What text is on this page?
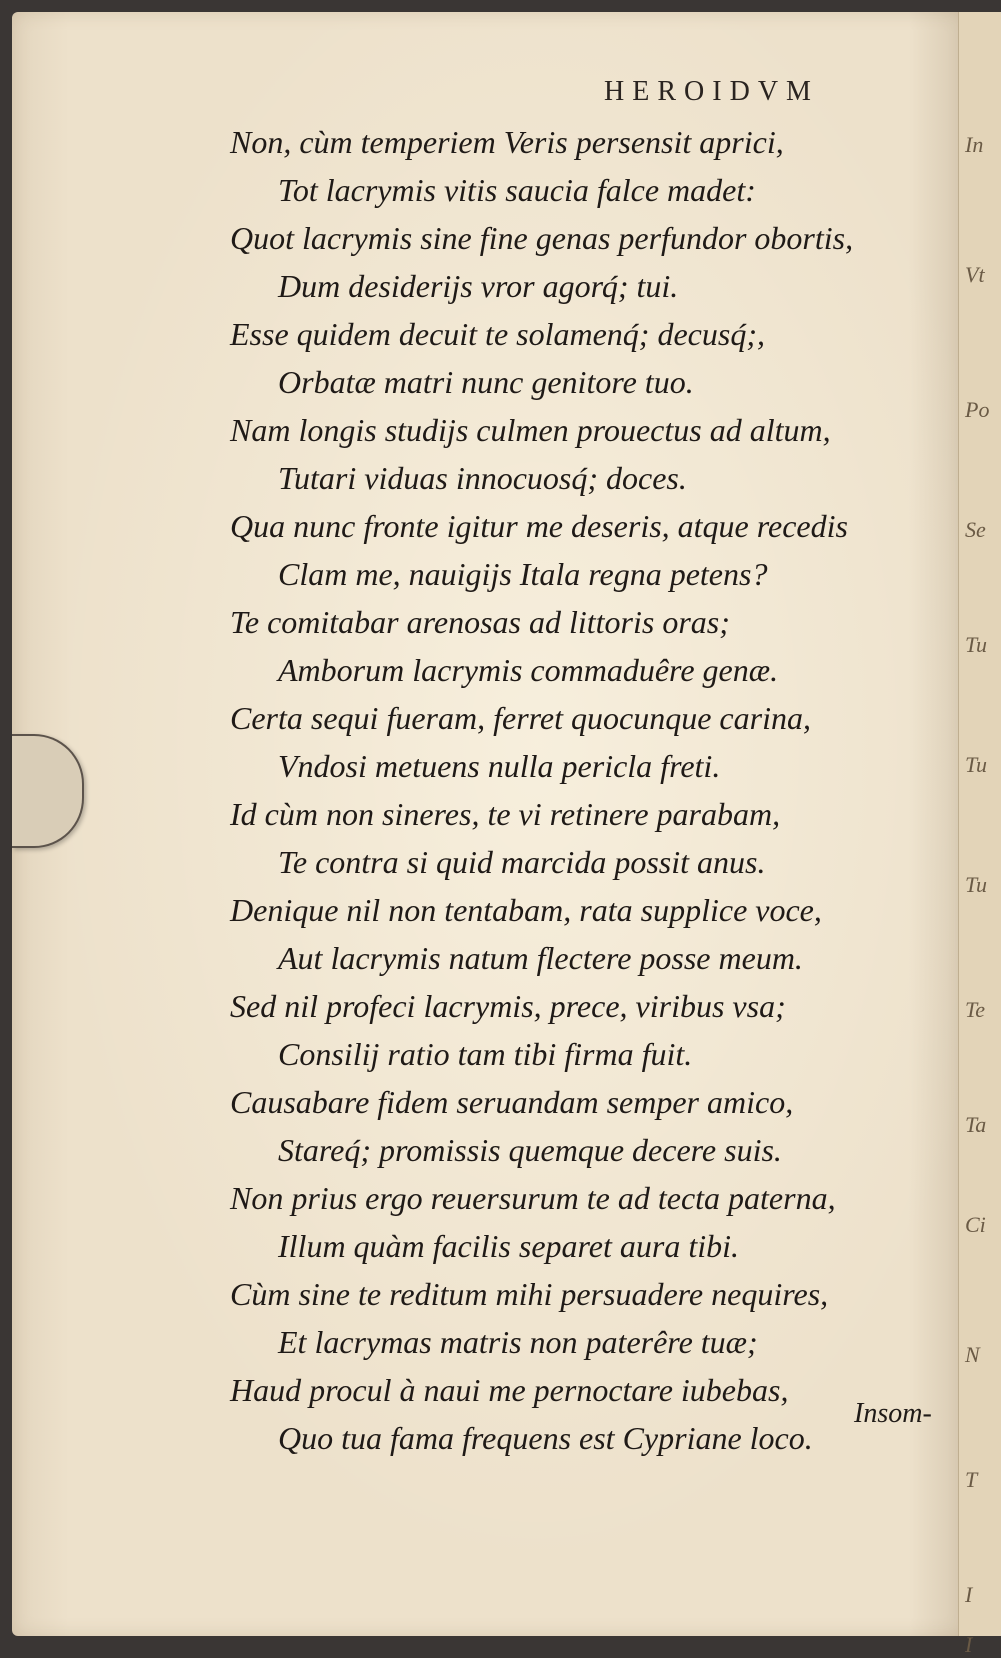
HEROIDVM
Non, cùm temperiem Veris persensit aprici,
Tot lacrymis vitis saucia falce madet:
Quot lacrymis sine fine genas perfundor obortis,
Dum desiderijs vror agorq́; tui.
Esse quidem decuit te solamenq́; decusq́;,
Orbatæ matri nunc genitore tuo.
Nam longis studijs culmen prouectus ad altum,
Tutari viduas innocuosq́; doces.
Qua nunc fronte igitur me deseris, atque recedis
Clam me, nauigijs Itala regna petens?
Te comitabar arenosas ad littoris oras;
Amborum lacrymis commaduêre genæ.
Certa sequi fueram, ferret quocunque carina,
Vndosi metuens nulla pericla freti.
Id cùm non sineres, te vi retinere parabam,
Te contra si quid marcida possit anus.
Denique nil non tentabam, rata supplice voce,
Aut lacrymis natum flectere posse meum.
Sed nil profeci lacrymis, prece, viribus vsa;
Consilij ratio tam tibi firma fuit.
Causabare fidem seruandam semper amico,
Stareq́; promissis quemque decere suis.
Non prius ergo reuersurum te ad tecta paterna,
Illum quàm facilis separet aura tibi.
Cùm sine te reditum mihi persuadere nequires,
Et lacrymas matris non paterêre tuæ;
Haud procul à naui me pernoctare iubebas,
Quo tua fama frequens est Cypriane loco.
Insom-
In
Vt
Po
Se
Tu
Tu
Tu
Te
Ta
Ci
N
T
I
I
